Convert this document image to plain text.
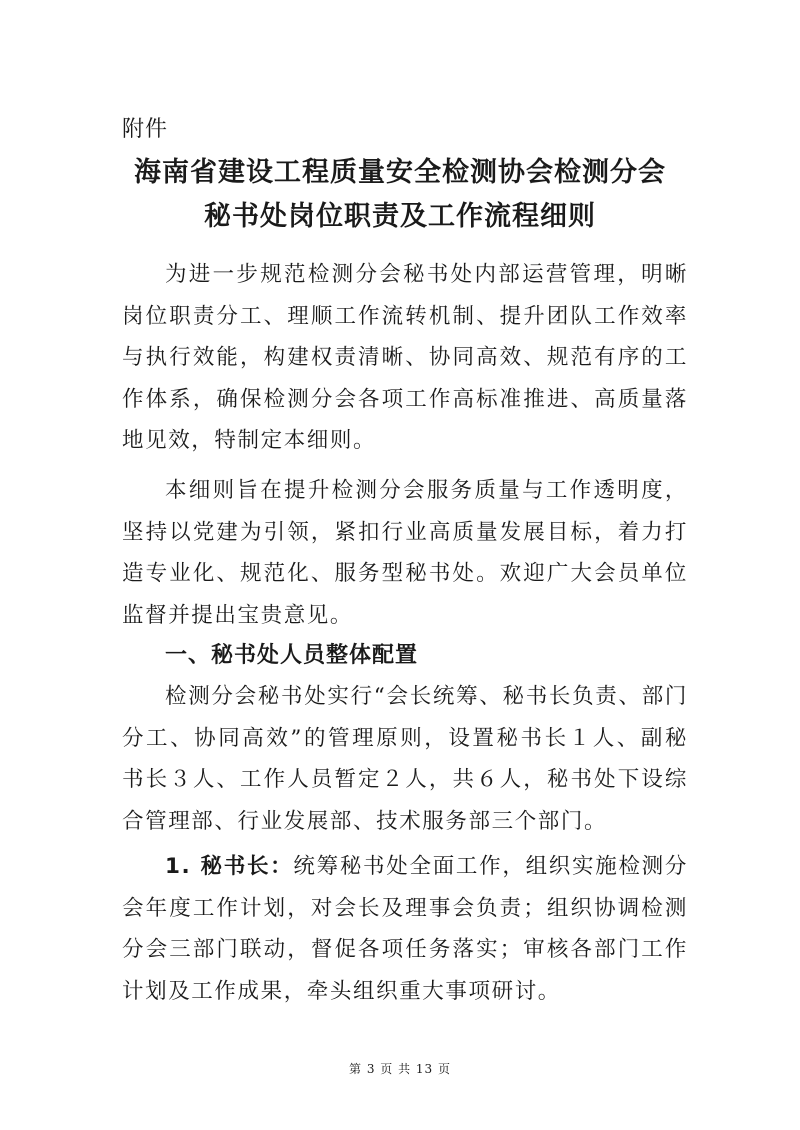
附件
海南省建设工程质量安全检测协会检测分会
秘书处岗位职责及工作流程细则

为进一步规范检测分会秘书处内部运营管理，明晰岗位职责分工、理顺工作流转机制、提升团队工作效率与执行效能，构建权责清晰、协同高效、规范有序的工作体系，确保检测分会各项工作高标准推进、高质量落地见效，特制定本细则。

本细则旨在提升检测分会服务质量与工作透明度，坚持以党建为引领，紧扣行业高质量发展目标，着力打造专业化、规范化、服务型秘书处。欢迎广大会员单位监督并提出宝贵意见。

一、秘书处人员整体配置

检测分会秘书处实行“会长统筹、秘书长负责、部门分工、协同高效”的管理原则，设置秘书长１人、副秘书长３人、工作人员暂定２人，共６人，秘书处下设综合管理部、行业发展部、技术服务部三个部门。

1. 秘书长：统筹秘书处全面工作，组织实施检测分会年度工作计划，对会长及理事会负责；组织协调检测分会三部门联动，督促各项任务落实；审核各部门工作计划及工作成果，牵头组织重大事项研讨。

第 3 页 共 13 页
